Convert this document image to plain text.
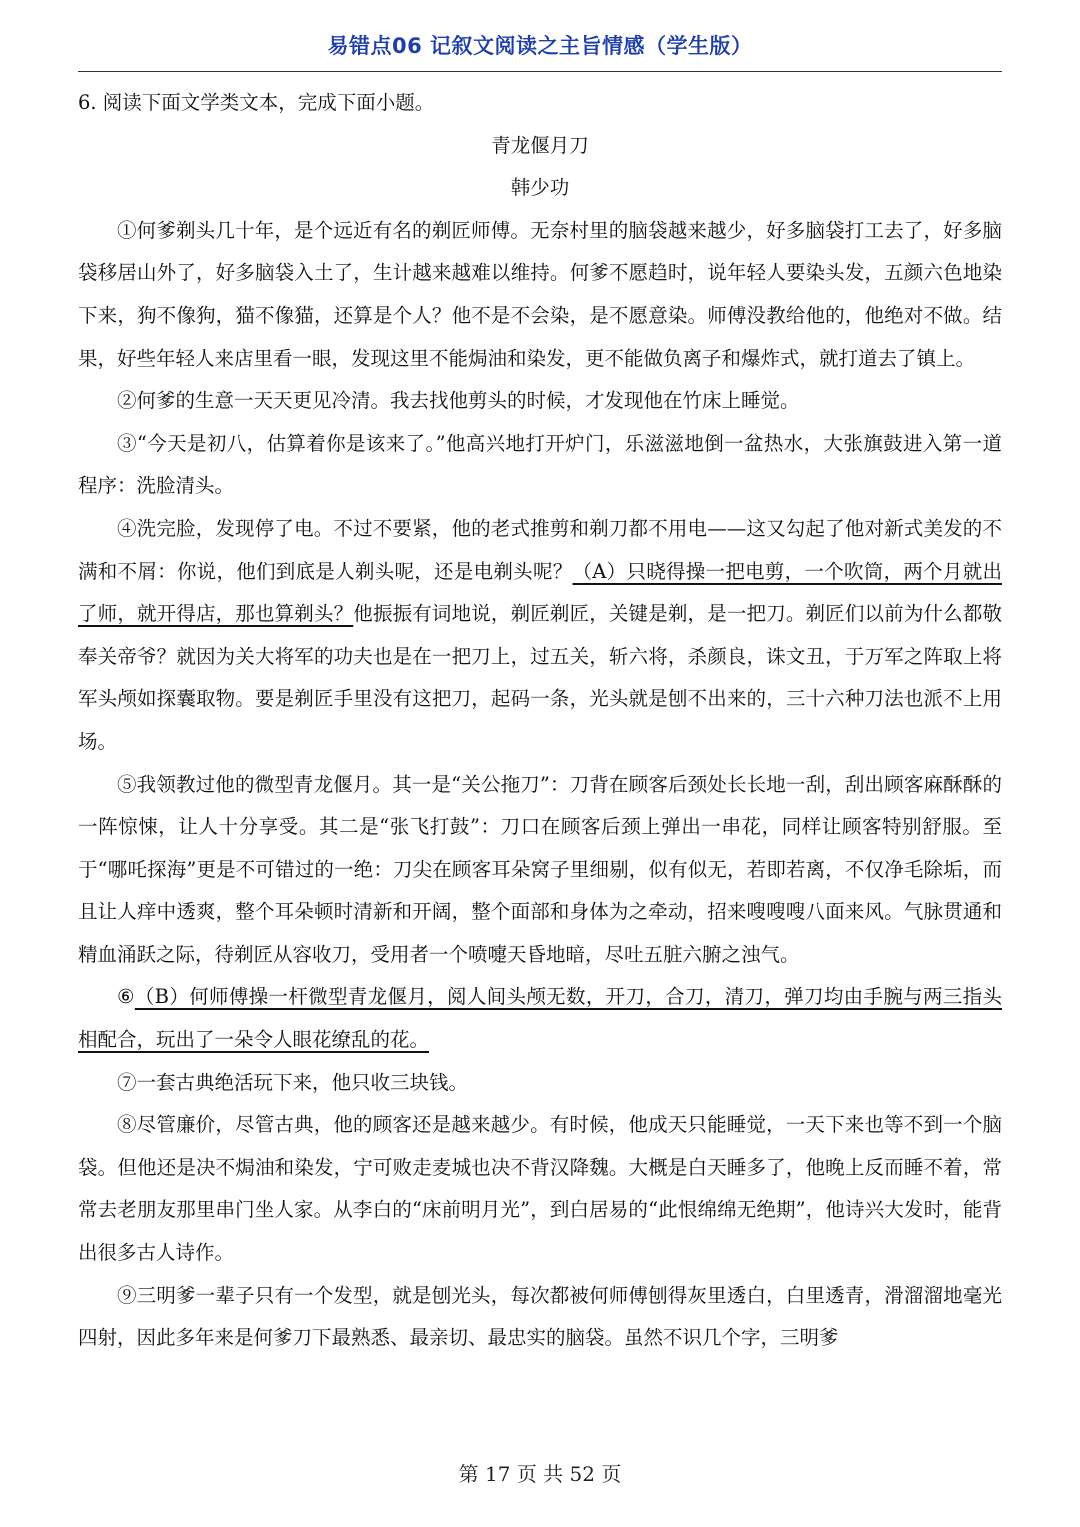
易错点06 记叙文阅读之主旨情感（学生版）

6. 阅读下面文学类文本，完成下面小题。

青龙偃月刀

韩少功

①何爹剃头几十年，是个远近有名的剃匠师傅。无奈村里的脑袋越来越少，好多脑袋打工去了，好多脑袋移居山外了，好多脑袋入土了，生计越来越难以维持。何爹不愿趋时，说年轻人要染头发，五颜六色地染下来，狗不像狗，猫不像猫，还算是个人？他不是不会染，是不愿意染。师傅没教给他的，他绝对不做。结果，好些年轻人来店里看一眼，发现这里不能焗油和染发，更不能做负离子和爆炸式，就打道去了镇上。

②何爹的生意一天天更见冷清。我去找他剪头的时候，才发现他在竹床上睡觉。

③“今天是初八，估算着你是该来了。”他高兴地打开炉门，乐滋滋地倒一盆热水，大张旗鼓进入第一道程序：洗脸清头。

④洗完脸，发现停了电。不过不要紧，他的老式推剪和剃刀都不用电——这又勾起了他对新式美发的不满和不屑：你说，他们到底是人剃头呢，还是电剃头呢？（A）只晓得操一把电剪，一个吹筒，两个月就出了师，就开得店，那也算剃头？他振振有词地说，剃匠剃匠，关键是剃，是一把刀。剃匠们以前为什么都敬奉关帝爷？就因为关大将军的功夫也是在一把刀上，过五关，斩六将，杀颜良，诛文丑，于万军之阵取上将军头颅如探囊取物。要是剃匠手里没有这把刀，起码一条，光头就是刨不出来的，三十六种刀法也派不上用场。

⑤我领教过他的微型青龙偃月。其一是“关公拖刀”：刀背在顾客后颈处长长地一刮，刮出顾客麻酥酥的一阵惊悚，让人十分享受。其二是“张飞打鼓”：刀口在顾客后颈上弹出一串花，同样让顾客特别舒服。至于“哪吒探海”更是不可错过的一绝：刀尖在顾客耳朵窝子里细剔，似有似无，若即若离，不仅净毛除垢，而且让人痒中透爽，整个耳朵顿时清新和开阔，整个面部和身体为之牵动，招来嗖嗖嗖八面来风。气脉贯通和精血涌跃之际，待剃匠从容收刀，受用者一个喷嚏天昏地暗，尽吐五脏六腑之浊气。

⑥（B）何师傅操一杆微型青龙偃月，阅人间头颅无数，开刀，合刀，清刀，弹刀均由手腕与两三指头相配合，玩出了一朵令人眼花缭乱的花。

⑦一套古典绝活玩下来，他只收三块钱。

⑧尽管廉价，尽管古典，他的顾客还是越来越少。有时候，他成天只能睡觉，一天下来也等不到一个脑袋。但他还是决不焗油和染发，宁可败走麦城也决不背汉降魏。大概是白天睡多了，他晚上反而睡不着，常常去老朋友那里串门坐人家。从李白的“床前明月光”，到白居易的“此恨绵绵无绝期”，他诗兴大发时，能背出很多古人诗作。

⑨三明爹一辈子只有一个发型，就是刨光头，每次都被何师傅刨得灰里透白，白里透青，滑溜溜地毫光四射，因此多年来是何爹刀下最熟悉、最亲切、最忠实的脑袋。虽然不识几个字，三明爹

第 17 页 共 52 页
